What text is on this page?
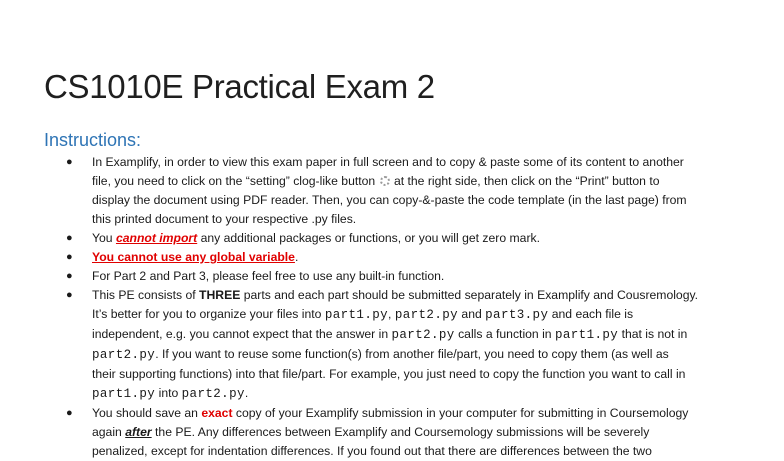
CS1010E Practical Exam 2
Instructions:
● In Examplify, in order to view this exam paper in full screen and to copy & paste some of its content to another
file, you need to click on the “setting” clog-like button  at the right side, then click on the “Print” button to
display the document using PDF reader. Then, you can copy-&-paste the code template (in the last page) from
this printed document to your respective .py files.
● You cannot import any additional packages or functions, or you will get zero mark.
● You cannot use any global variable.
● For Part 2 and Part 3, please feel free to use any built-in function.
● This PE consists of THREE parts and each part should be submitted separately in Examplify and Cousremology.
It’s better for you to organize your files into part1.py, part2.py and part3.py and each file is
independent, e.g. you cannot expect that the answer in part2.py calls a function in part1.py that is not in
part2.py. If you want to reuse some function(s) from another file/part, you need to copy them (as well as
their supporting functions) into that file/part. For example, you just need to copy the function you want to call in
part1.py into part2.py.
● You should save an exact copy of your Examplify submission in your computer for submitting in Coursemology
again after the PE. Any differences between Examplify and Coursemology submissions will be severely
penalized, except for indentation differences. If you found out that there are differences between the two
